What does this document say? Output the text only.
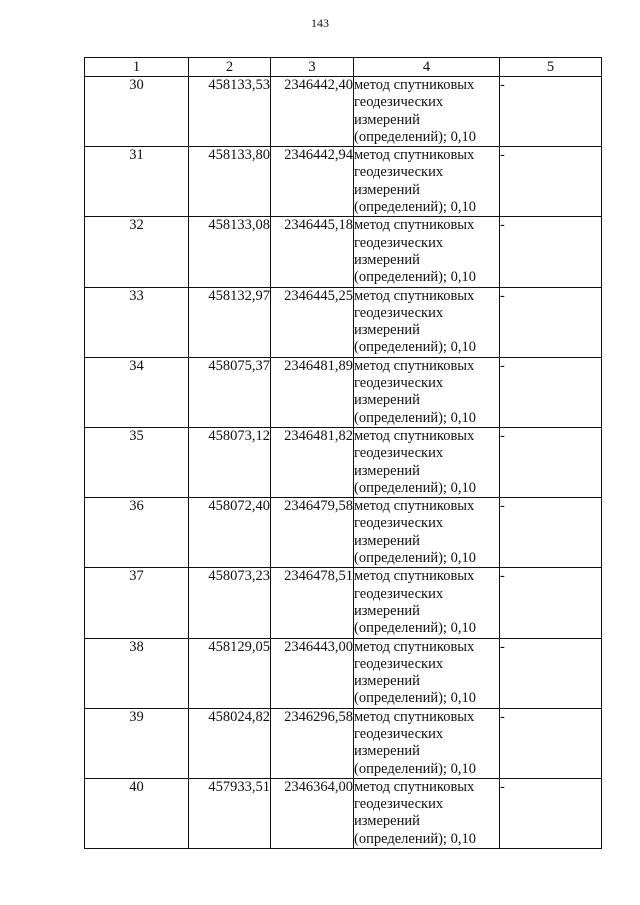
143
1	2	3	4	5
30	458133,53	2346442,40	метод спутниковых геодезических измерений (определений); 0,10	-
31	458133,80	2346442,94	метод спутниковых геодезических измерений (определений); 0,10	-
32	458133,08	2346445,18	метод спутниковых геодезических измерений (определений); 0,10	-
33	458132,97	2346445,25	метод спутниковых геодезических измерений (определений); 0,10	-
34	458075,37	2346481,89	метод спутниковых геодезических измерений (определений); 0,10	-
35	458073,12	2346481,82	метод спутниковых геодезических измерений (определений); 0,10	-
36	458072,40	2346479,58	метод спутниковых геодезических измерений (определений); 0,10	-
37	458073,23	2346478,51	метод спутниковых геодезических измерений (определений); 0,10	-
38	458129,05	2346443,00	метод спутниковых геодезических измерений (определений); 0,10	-
39	458024,82	2346296,58	метод спутниковых геодезических измерений (определений); 0,10	-
40	457933,51	2346364,00	метод спутниковых геодезических измерений (определений); 0,10	-
